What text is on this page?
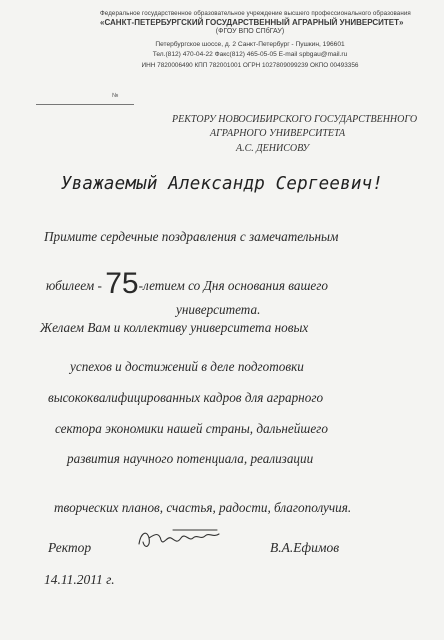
Федеральное государственное образовательное учреждение высшего профессионального образования
«САНКТ-ПЕТЕРБУРГСКИЙ ГОСУДАРСТВЕННЫЙ АГРАРНЫЙ УНИВЕРСИТЕТ»
(ФГОУ ВПО СПбГАУ)
Петербургское шоссе, д. 2 Санкт-Петербург - Пушкин, 196601
Тел.(812) 470-04-22 Факс(812) 465-05-05 E-mail spbgau@mail.ru
ИНН 7820006490 КПП 782001001 ОГРН 1027809099239 ОКПО 00493356
№
РЕКТОРУ НОВОСИБИРСКОГО ГОСУДАРСТВЕННОГО
АГРАРНОГО УНИВЕРСИТЕТА
А.С. ДЕНИСОВУ
Уважаемый Александр Сергеевич!
Примите сердечные поздравления с замечательным
юбилеем - 75-летием со Дня основания вашего
университета.
Желаем Вам и коллективу университета новых
успехов и достижений в деле подготовки
высококвалифицированных кадров для аграрного
сектора экономики нашей страны, дальнейшего
развития научного потенциала, реализации
творческих планов, счастья, радости, благополучия.
Ректор	В.А.Ефимов
14.11.2011 г.
